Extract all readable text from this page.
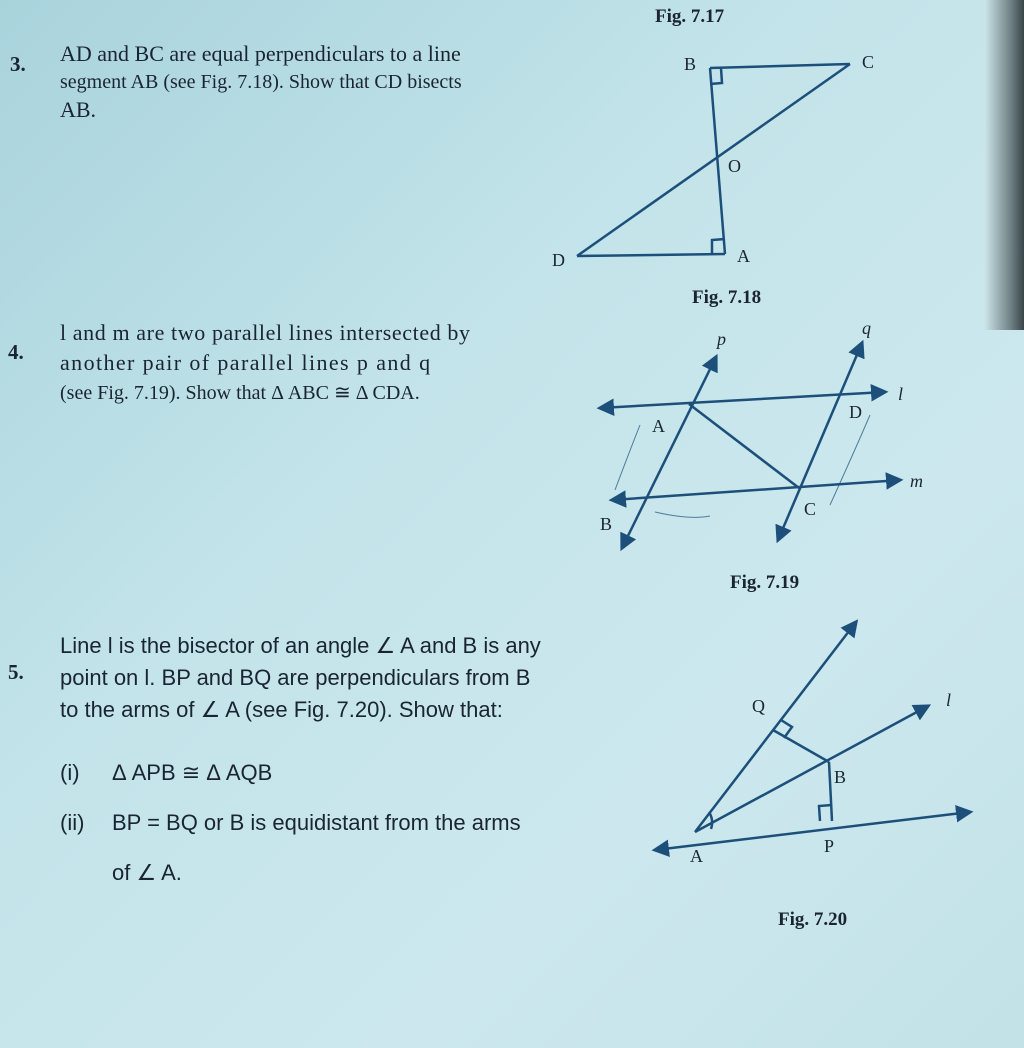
Fig. 7.17
3. AD and BC are equal perpendiculars to a line
segment AB (see Fig. 7.18). Show that CD bisects
AB.
4.
l and m are two parallel lines intersected by
another pair of parallel lines p and q
(see Fig. 7.19). Show that Δ ABC ≅ Δ CDA.
5.
Line l is the bisector of an angle ∠ A and B is any
point on l. BP and BQ are perpendiculars from B
to the arms of ∠ A (see Fig. 7.20). Show that:
(i) Δ APB ≅ Δ AQB
(ii) BP = BQ or B is equidistant from the arms
of ∠ A.
B	C
O
D	A
Fig. 7.18
p
q
l
m
A
B
C
D
Fig. 7.19
Q
B
A	P
l
Fig. 7.20
